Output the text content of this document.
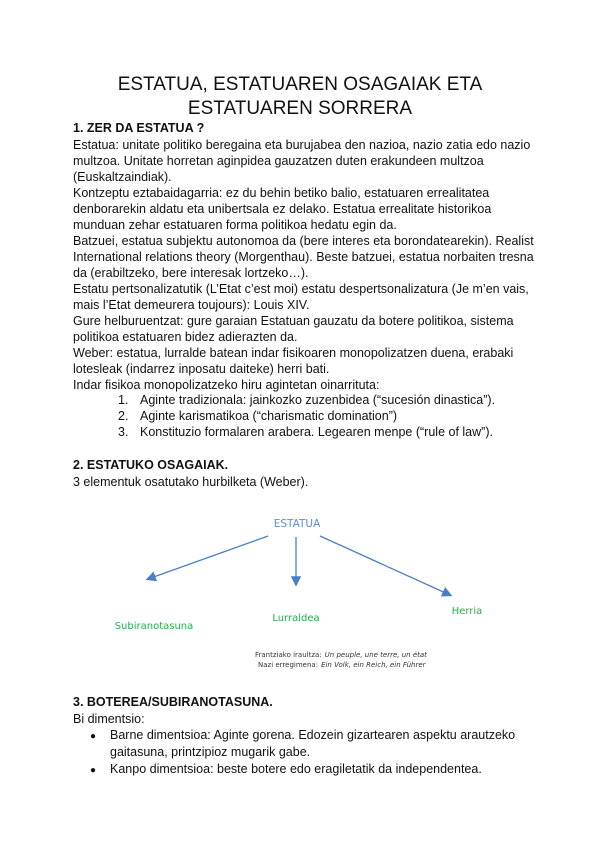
ESTATUA, ESTATUAREN OSAGAIAK ETA
ESTATUAREN SORRERA
1. ZER DA ESTATUA ?
Estatua: unitate politiko beregaina eta burujabea den nazioa, nazio zatia edo nazio
multzoa. Unitate horretan aginpidea gauzatzen duten erakundeen multzoa
(Euskaltzaindiak).
Kontzeptu eztabaidagarria: ez du behin betiko balio, estatuaren errealitatea
denborarekin aldatu eta unibertsala ez delako. Estatua errealitate historikoa
munduan zehar estatuaren forma politikoa hedatu egin da.
Batzuei, estatua subjektu autonomoa da (bere interes eta borondatearekin). Realist
International relations theory (Morgenthau). Beste batzuei, estatua norbaiten tresna
da (erabiltzeko, bere interesak lortzeko…).
Estatu pertsonalizatutik (L’Etat c’est moi) estatu despertsonalizatura (Je m’en vais,
mais l’Etat demeurera toujours): Louis XIV.
Gure helburuentzat: gure garaian Estatuan gauzatu da botere politikoa, sistema
politikoa estatuaren bidez adierazten da.
Weber: estatua, lurralde batean indar fisikoaren monopolizatzen duena, erabaki
lotesleak (indarrez inposatu daiteke) herri bati.
Indar fisikoa monopolizatzeko hiru agintetan oinarrituta:
1. Aginte tradizionala: jainkozko zuzenbidea (“sucesión dinastica”).
2. Aginte karismatikoa (“charismatic domination”)
3. Konstituzio formalaren arabera. Legearen menpe (“rule of law”).
2. ESTATUKO OSAGAIAK.
3 elementuk osatutako hurbilketa (Weber).
ESTATUA
Subiranotasuna
Lurraldea
Herria
Frantziako iraultza: Un peuple, une terre, un état
Nazi erregimena: Ein Volk, ein Reich, ein Führer
3. BOTEREA/SUBIRANOTASUNA.
Bi dimentsio:
● Barne dimentsioa: Aginte gorena. Edozein gizartearen aspektu arautzeko
gaitasuna, printzipioz mugarik gabe.
● Kanpo dimentsioa: beste botere edo eragiletatik da independentea.
